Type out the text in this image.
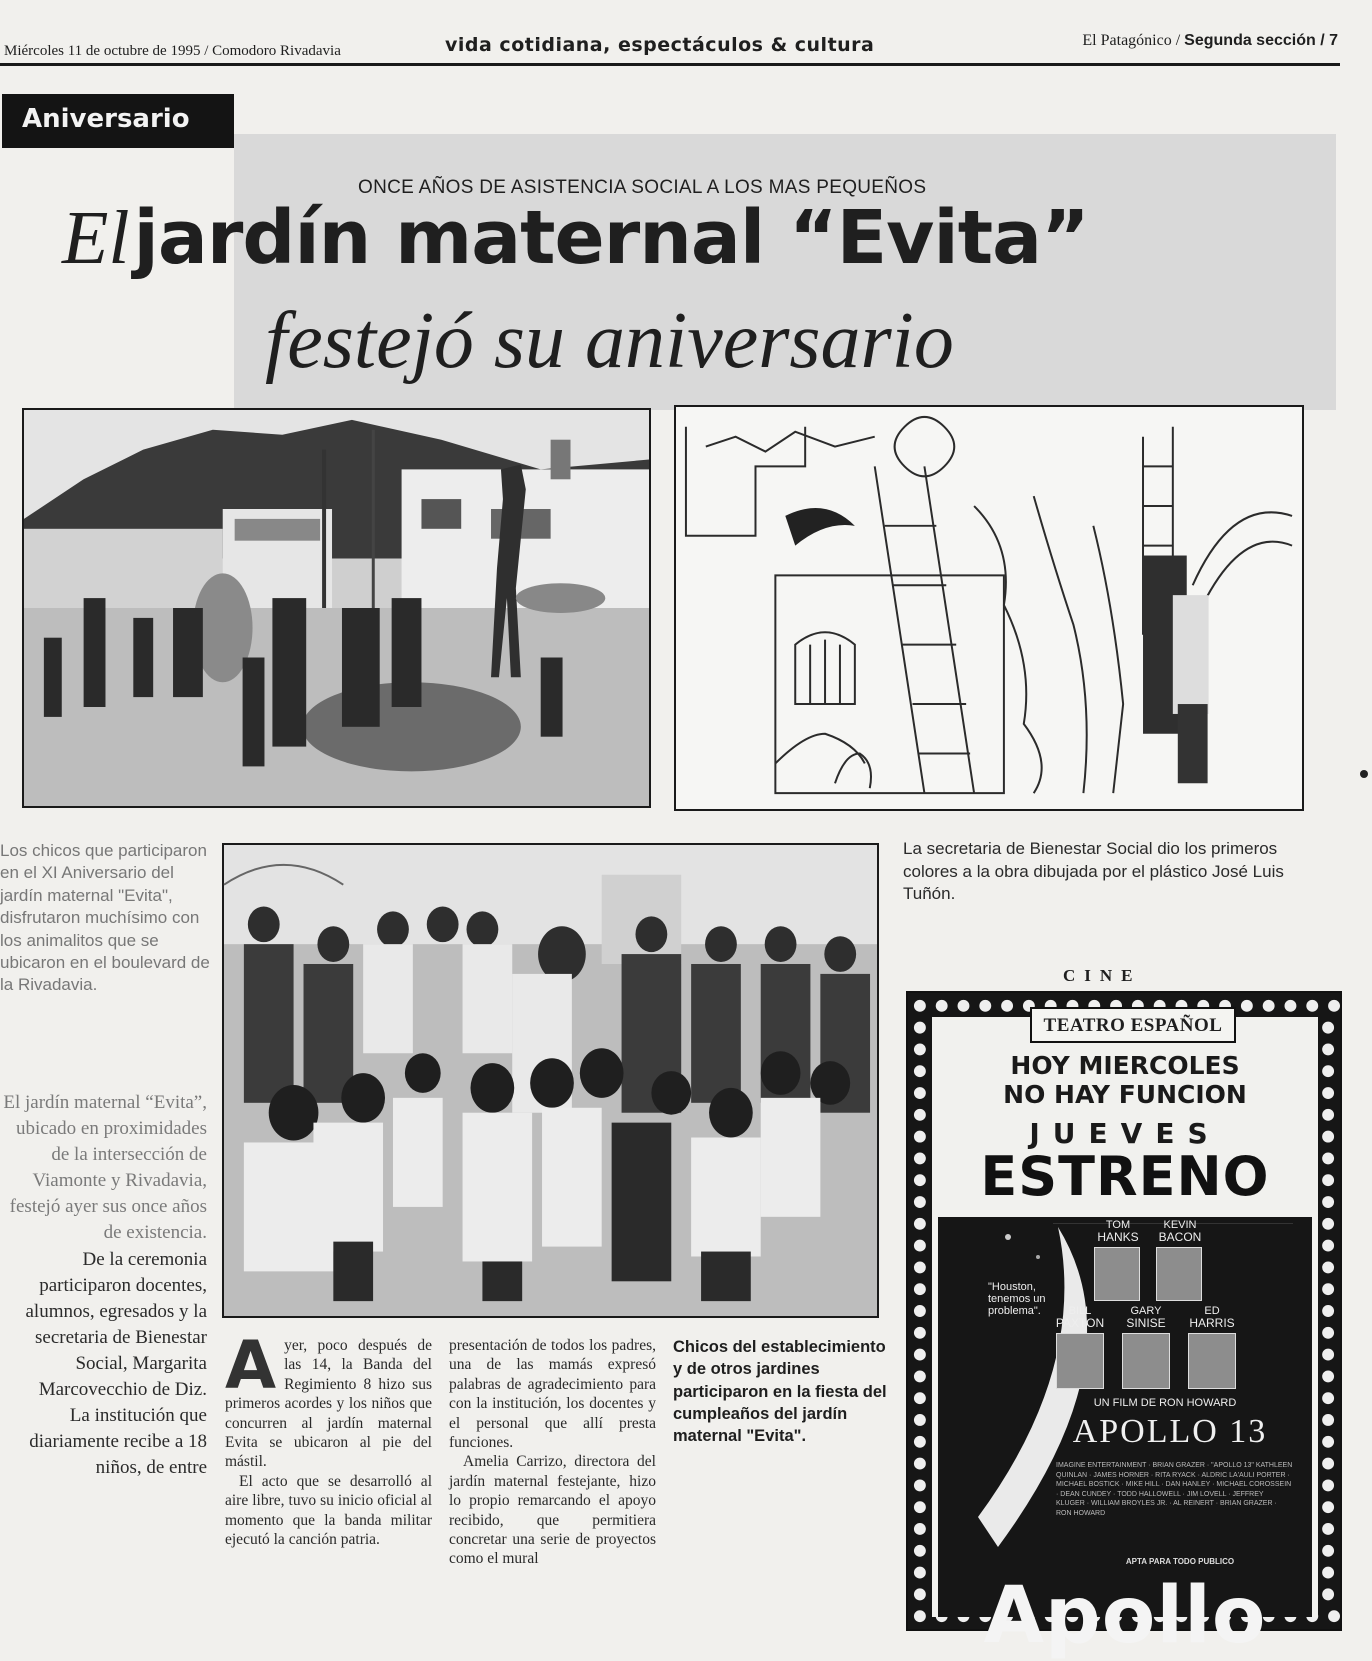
Miércoles 11 de octubre de 1995 / Comodoro Rivadavia	vida cotidiana, espectáculos & cultura	El Patagónico / Segunda sección / 7
Aniversario
ONCE AÑOS DE ASISTENCIA SOCIAL A LOS MAS PEQUEÑOS
El jardín maternal “Evita”
festejó su aniversario
Los chicos que participaron en el XI Aniversario del jardín maternal "Evita", disfrutaron muchísimo con los animalitos que se ubicaron en el boulevard de la Rivadavia.
La secretaria de Bienestar Social dio los primeros colores a la obra dibujada por el plástico José Luis Tuñón.
Chicos del establecimiento y de otros jardines participaron en la fiesta del cumpleaños del jardín maternal "Evita".

El jardín maternal “Evita”, ubicado en proximidades de la intersección de Viamonte y Rivadavia, festejó ayer sus once años de existencia.

De la ceremonia participaron docentes, alumnos, egresados y la secretaria de Bienestar Social, Margarita Marcovecchio de Diz.

La institución que diariamente recibe a 18 niños, de entre

Ayer, poco después de las 14, la Banda del Regimiento 8 hizo sus primeros acordes y los niños que concurren al jardín maternal Evita se ubicaron al pie del mástil.

El acto que se desarrolló al aire libre, tuvo su inicio oficial al momento que la banda militar ejecutó la canción patria.

presentación de todos los padres, una de las mamás expresó palabras de agradecimiento para con la institución, los docentes y el personal que allí presta funciones.

Amelia Carrizo, directora del jardín maternal festejante, hizo lo propio remarcando el apoyo recibido, que permitiera concretar una serie de proyectos como el mural

CINE
TEATRO ESPAÑOL
HOY MIERCOLES
NO HAY FUNCION
JUEVES
ESTRENO
TOM
HANKS
KEVIN
BACON
"Houston, tenemos un problema".	BILL
PAXTON
GARY
SINISE
ED
HARRIS
UN FILM DE RON HOWARD
APOLLO 13
IMAGINE ENTERTAINMENT · BRIAN GRAZER · "APOLLO 13" KATHLEEN QUINLAN · JAMES HORNER · RITA RYACK · ALDRIC LA'AULI PORTER · MICHAEL BOSTICK · MIKE HILL · DAN HANLEY · MICHAEL COROSSEIN · DEAN CUNDEY · TODD HALLOWELL · JIM LOVELL · JEFFREY KLUGER · WILLIAM BROYLES JR. · AL REINERT · BRIAN GRAZER · RON HOWARD
APTA PARA TODO PUBLICO
Apollo
